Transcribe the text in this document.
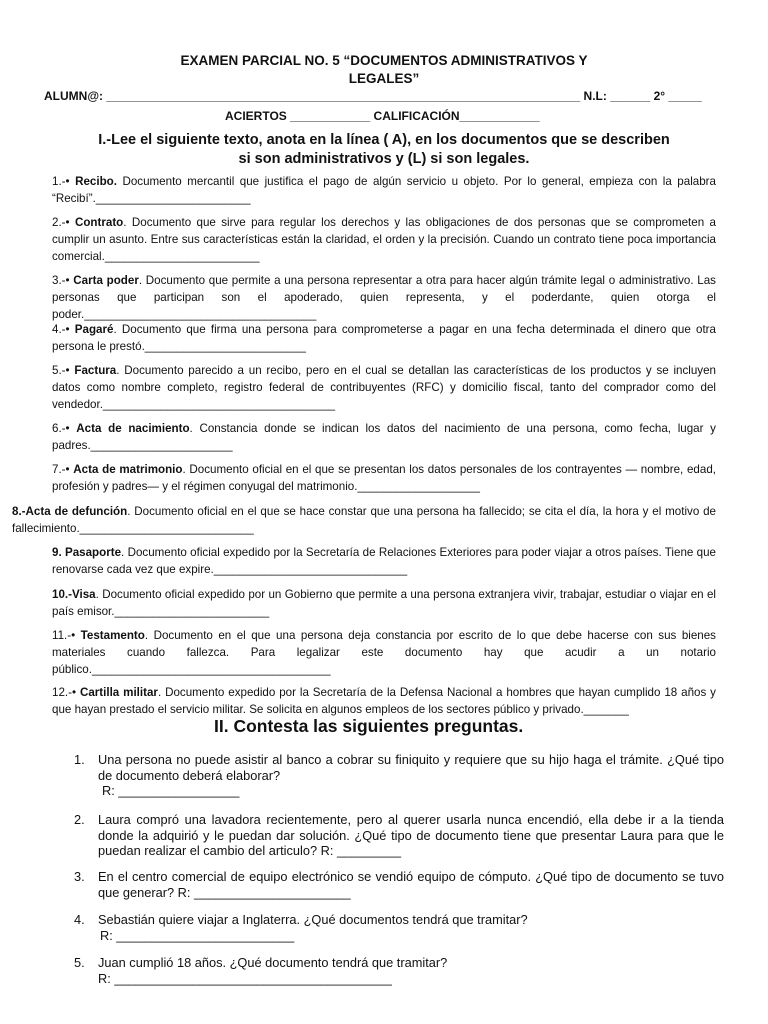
EXAMEN PARCIAL NO. 5 “DOCUMENTOS ADMINISTRATIVOS Y
LEGALES”
ALUMN@: _______________________________________________________________________ N.L: ______ 2° _____
ACIERTOS ____________ CALIFICACIÓN____________
I.-Lee el siguiente texto, anota en la línea ( A), en los documentos que se describen
si son administrativos y (L) si son legales.
1.-• Recibo. Documento mercantil que justifica el pago de algún servicio u objeto. Por lo general, empieza con la palabra “Recibí”.________________________
2.-• Contrato. Documento que sirve para regular los derechos y las obligaciones de dos personas que se comprometen a cumplir un asunto. Entre sus características están la claridad, el orden y la precisión. Cuando un contrato tiene poca importancia comercial.________________________
3.-• Carta poder. Documento que permite a una persona representar a otra para hacer algún trámite legal o administrativo. Las personas que participan son el apoderado, quien representa, y el poderdante, quien otorga el poder.____________________________________
4.-• Pagaré. Documento que firma una persona para comprometerse a pagar en una fecha determinada el dinero que otra persona le prestó._________________________
5.-• Factura. Documento parecido a un recibo, pero en el cual se detallan las características de los productos y se incluyen datos como nombre completo, registro federal de contribuyentes (RFC) y domicilio fiscal, tanto del comprador como del vendedor.____________________________________
6.-• Acta de nacimiento. Constancia donde se indican los datos del nacimiento de una persona, como fecha, lugar y padres.______________________
7.-• Acta de matrimonio. Documento oficial en el que se presentan los datos personales de los contrayentes — nombre, edad, profesión y padres— y el régimen conyugal del matrimonio.___________________
8.-Acta de defunción. Documento oficial en el que se hace constar que una persona ha fallecido; se cita el día, la hora y el motivo de fallecimiento.___________________________
9. Pasaporte. Documento oficial expedido por la Secretaría de Relaciones Exteriores para poder viajar a otros países. Tiene que renovarse cada vez que expire.______________________________
10.-Visa. Documento oficial expedido por un Gobierno que permite a una persona extranjera vivir, trabajar, estudiar o viajar en el país emisor.________________________
11.-• Testamento. Documento en el que una persona deja constancia por escrito de lo que debe hacerse con sus bienes materiales cuando fallezca. Para legalizar este documento hay que acudir a un notario público._____________________________________
12.-• Cartilla militar. Documento expedido por la Secretaría de la Defensa Nacional a hombres que hayan cumplido 18 años y que hayan prestado el servicio militar. Se solicita en algunos empleos de los sectores público y privado._______
II. Contesta las siguientes preguntas.
1.	Una persona no puede asistir al banco a cobrar su finiquito y requiere que su hijo haga el trámite. ¿Qué tipo de documento deberá elaborar?
R: _________________
2.	Laura compró una lavadora recientemente, pero al querer usarla nunca encendió, ella debe ir a la tienda donde la adquirió y le puedan dar solución. ¿Qué tipo de documento tiene que presentar Laura para que le puedan realizar el cambio del articulo? R: _________
3.	En el centro comercial de equipo electrónico se vendió equipo de cómputo. ¿Qué tipo de documento se tuvo que generar? R: ______________________
4.	Sebastián quiere viajar a Inglaterra. ¿Qué documentos tendrá que tramitar?
R: _________________________
5.	Juan cumplió 18 años. ¿Qué documento tendrá que tramitar?
R: _______________________________________
